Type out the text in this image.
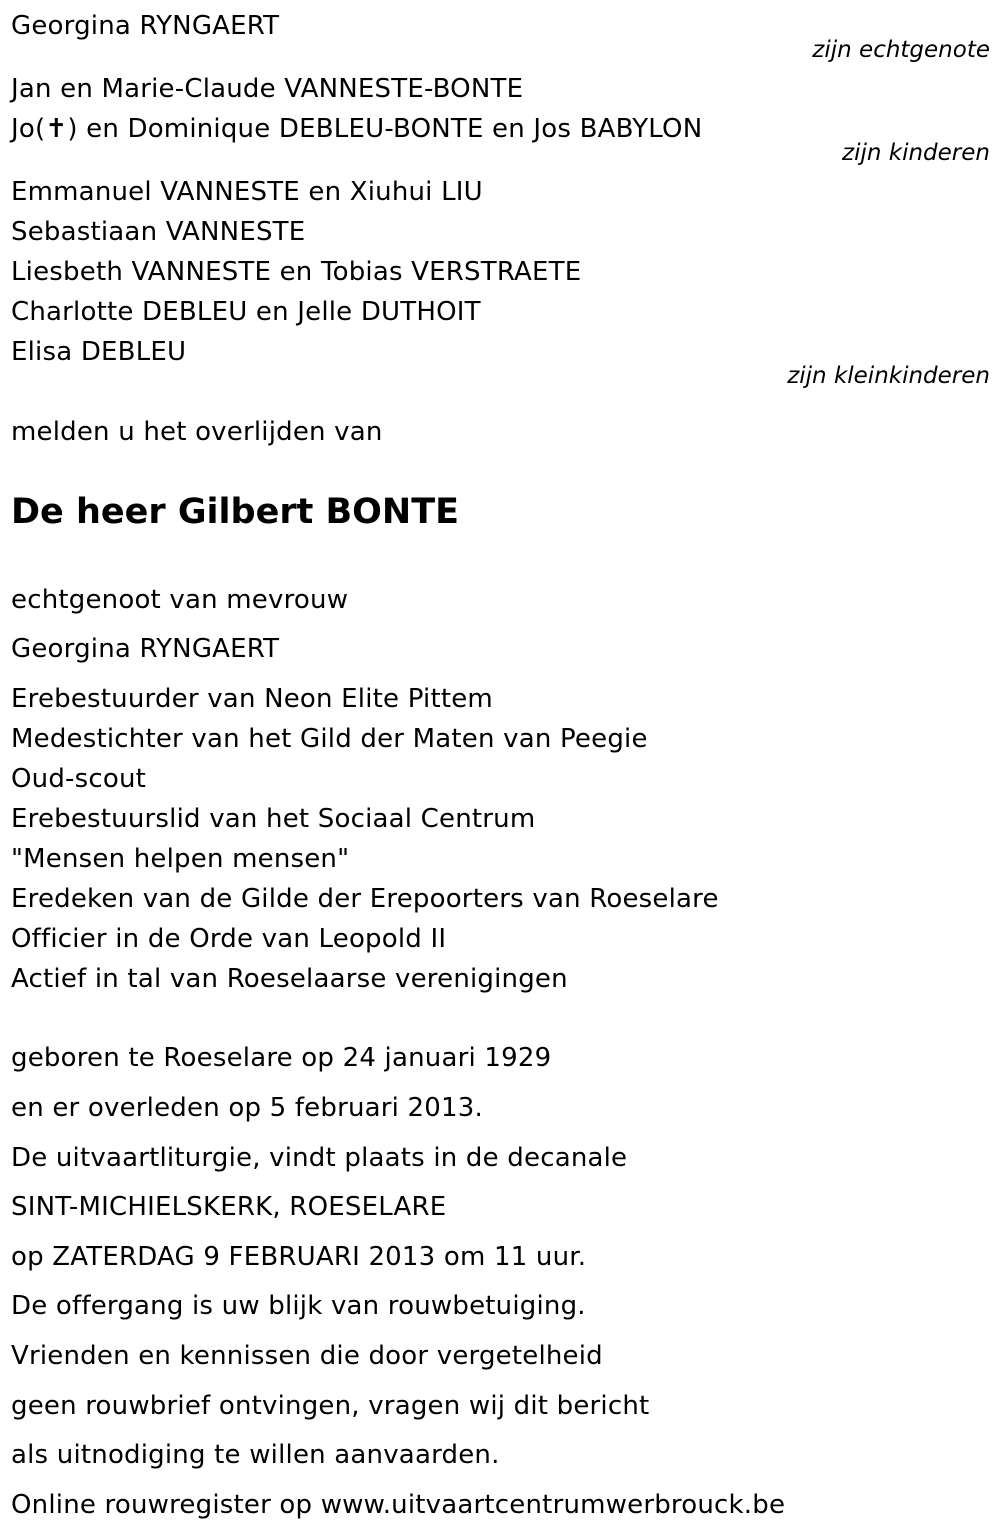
Georgina RYNGAERT
zijn echtgenote
Jan en Marie-Claude VANNESTE-BONTE
Jo(✝) en Dominique DEBLEU-BONTE en Jos BABYLON
zijn kinderen
Emmanuel VANNESTE en Xiuhui LIU
Sebastiaan VANNESTE
Liesbeth VANNESTE en Tobias VERSTRAETE
Charlotte DEBLEU en Jelle DUTHOIT
Elisa DEBLEU
zijn kleinkinderen
melden u het overlijden van
De heer Gilbert BONTE
echtgenoot van mevrouw
Georgina RYNGAERT
Erebestuurder van Neon Elite Pittem
Medestichter van het Gild der Maten van Peegie
Oud-scout
Erebestuurslid van het Sociaal Centrum
"Mensen helpen mensen"
Eredeken van de Gilde der Erepoorters van Roeselare
Officier in de Orde van Leopold II
Actief in tal van Roeselaarse verenigingen
geboren te Roeselare op 24 januari 1929
en er overleden op 5 februari 2013.
De uitvaartliturgie, vindt plaats in de decanale
SINT-MICHIELSKERK, ROESELARE
op ZATERDAG 9 FEBRUARI 2013 om 11 uur.
De offergang is uw blijk van rouwbetuiging.
Vrienden en kennissen die door vergetelheid
geen rouwbrief ontvingen, vragen wij dit bericht
als uitnodiging te willen aanvaarden.
Online rouwregister op www.uitvaartcentrumwerbrouck.be
